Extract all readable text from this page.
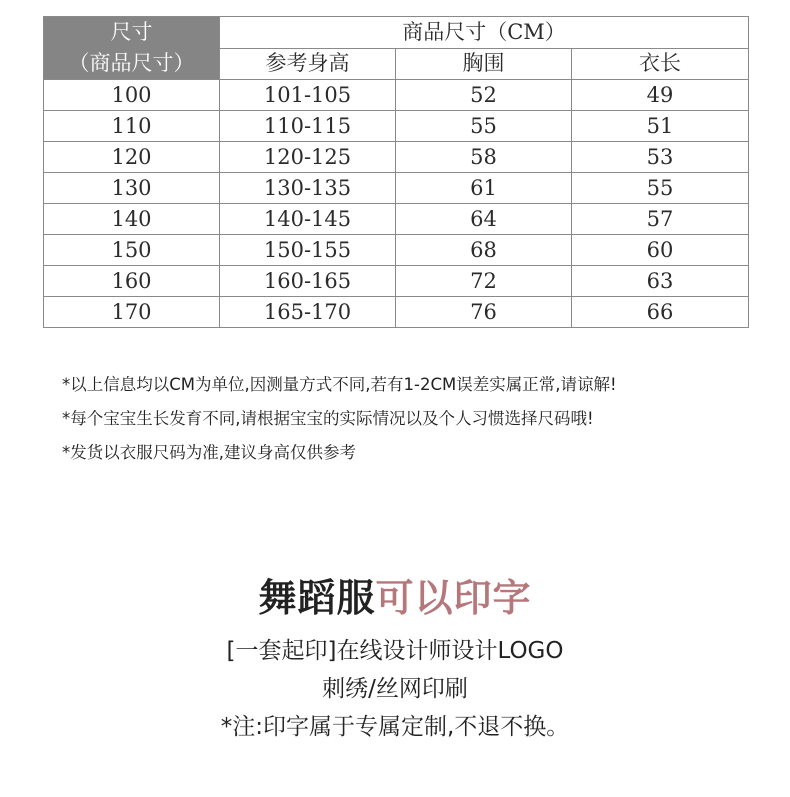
尺寸
（商品尺寸）	商品尺寸（CM）		
	参考身高	胸围	衣长
100	101-105	52	49
110	110-115	55	51
120	120-125	58	53
130	130-135	61	55
140	140-145	64	57
150	150-155	68	60
160	160-165	72	63
170	165-170	76	66
*以上信息均以CM为单位,因测量方式不同,若有1-2CM误差实属正常,请谅解!
*每个宝宝生长发育不同,请根据宝宝的实际情况以及个人习惯选择尺码哦!
*发货以衣服尺码为准,建议身高仅供参考
舞蹈服可以印字
[一套起印]在线设计师设计LOGO
刺绣/丝网印刷
*注:印字属于专属定制,不退不换。
